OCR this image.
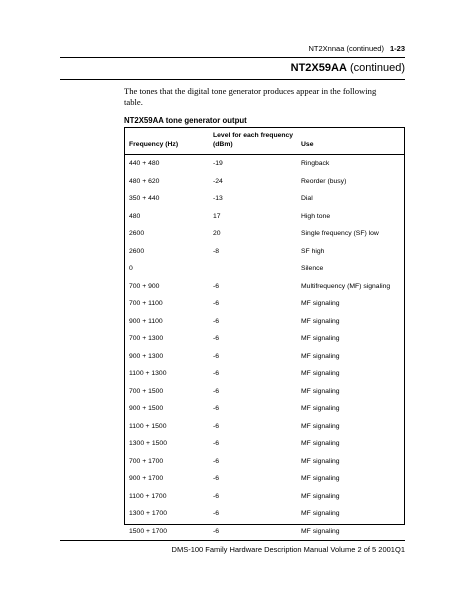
NT2Xnnaa (continued) 1-23
NT2X59AA (continued)
The tones that the digital tone generator produces appear in the following table.
NT2X59AA tone generator output
Frequency (Hz)	Level for each frequency (dBm)	Use
440 + 480	-19	Ringback
480 + 620	-24	Reorder (busy)
350 + 440	-13	Dial
480	17	High tone
2600	20	Single frequency (SF) low
2600	-8	SF high
0		Silence
700 + 900	-6	Multifrequency (MF) signaling
700 + 1100	-6	MF signaling
900 + 1100	-6	MF signaling
700 + 1300	-6	MF signaling
900 + 1300	-6	MF signaling
1100 + 1300	-6	MF signaling
700 + 1500	-6	MF signaling
900 + 1500	-6	MF signaling
1100 + 1500	-6	MF signaling
1300 + 1500	-6	MF signaling
700 + 1700	-6	MF signaling
900 + 1700	-6	MF signaling
1100 + 1700	-6	MF signaling
1300 + 1700	-6	MF signaling
1500 + 1700	-6	MF signaling
DMS-100 Family Hardware Description Manual Volume 2 of 5 2001Q1
